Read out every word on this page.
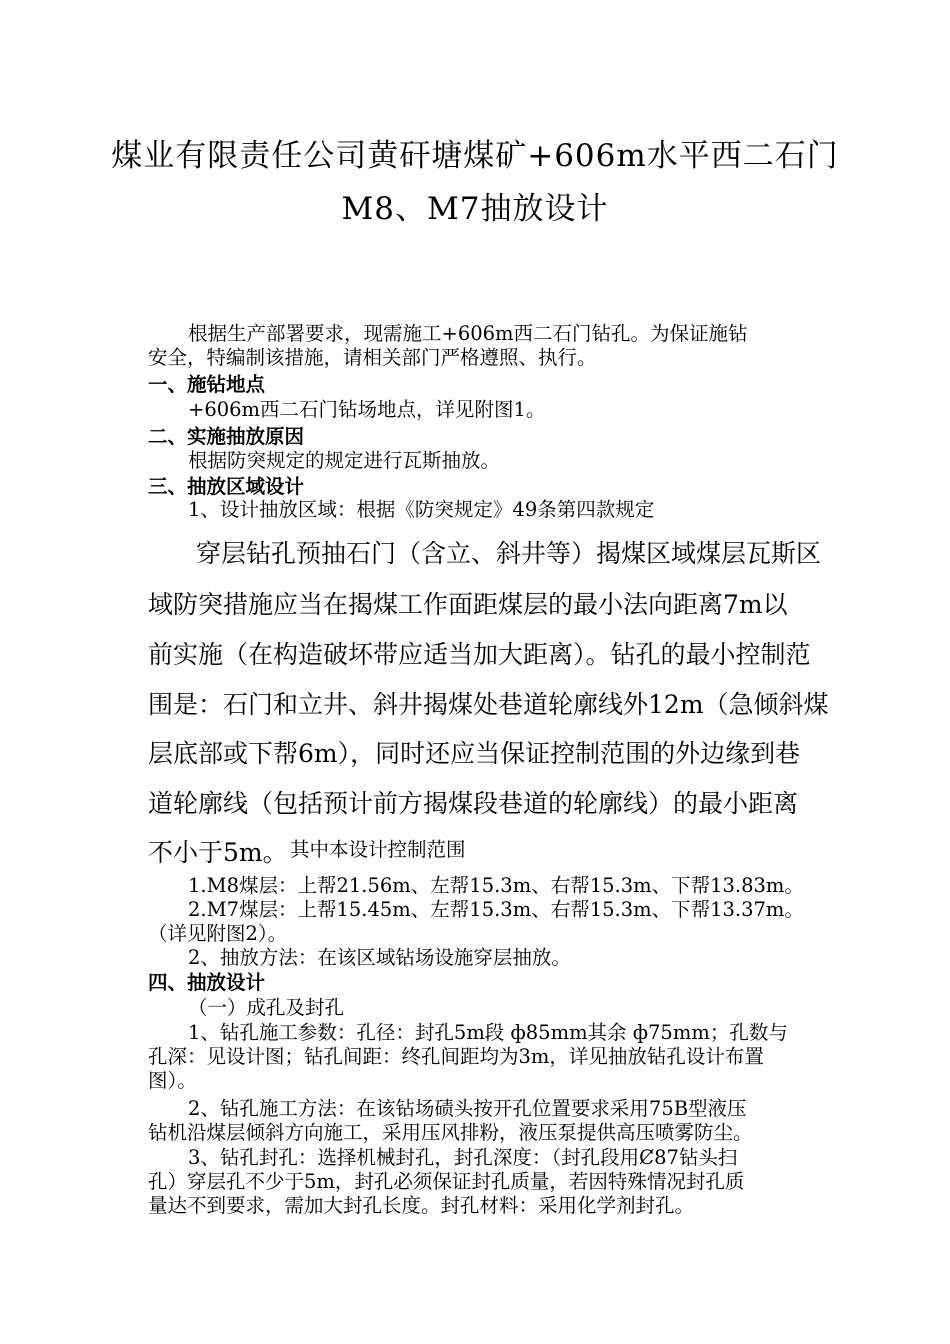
煤业有限责任公司黄矸塘煤矿+606m水平西二石门
M8、M7抽放设计
根据生产部署要求，现需施工+606m西二石门钻孔。为保证施钻
安全，特编制该措施，请相关部门严格遵照、执行。
一、施钻地点
+606m西二石门钻场地点，详见附图1。
二、实施抽放原因
根据防突规定的规定进行瓦斯抽放。
三、抽放区域设计
1、设计抽放区域：根据《防突规定》49条第四款规定
穿层钻孔预抽石门（含立、斜井等）揭煤区域煤层瓦斯区
域防突措施应当在揭煤工作面距煤层的最小法向距离7m以
前实施（在构造破坏带应适当加大距离）。钻孔的最小控制范
围是：石门和立井、斜井揭煤处巷道轮廓线外12m（急倾斜煤
层底部或下帮6m），同时还应当保证控制范围的外边缘到巷
道轮廓线（包括预计前方揭煤段巷道的轮廓线）的最小距离
不小于5m。 其中本设计控制范围
1.M8煤层：上帮21.56m、左帮15.3m、右帮15.3m、下帮13.83m。
2.M7煤层：上帮15.45m、左帮15.3m、右帮15.3m、下帮13.37m。
（详见附图2）。
2、抽放方法：在该区域钻场设施穿层抽放。
四、抽放设计
（一）成孔及封孔
1、钻孔施工参数：孔径：封孔5m段 ф85mm其余 ф75mm；孔数与
孔深：见设计图；钻孔间距：终孔间距均为3m，详见抽放钻孔设计布置
图）。
2、钻孔施工方法：在该钻场碛头按开孔位置要求采用75B型液压
钻机沿煤层倾斜方向施工，采用压风排粉，液压泵提供高压喷雾防尘。
3、钻孔封孔：选择机械封孔，封孔深度：（封孔段用Ȼ87钻头扫
孔）穿层孔不少于5m，封孔必须保证封孔质量，若因特殊情况封孔质
量达不到要求，需加大封孔长度。封孔材料：采用化学剂封孔。
